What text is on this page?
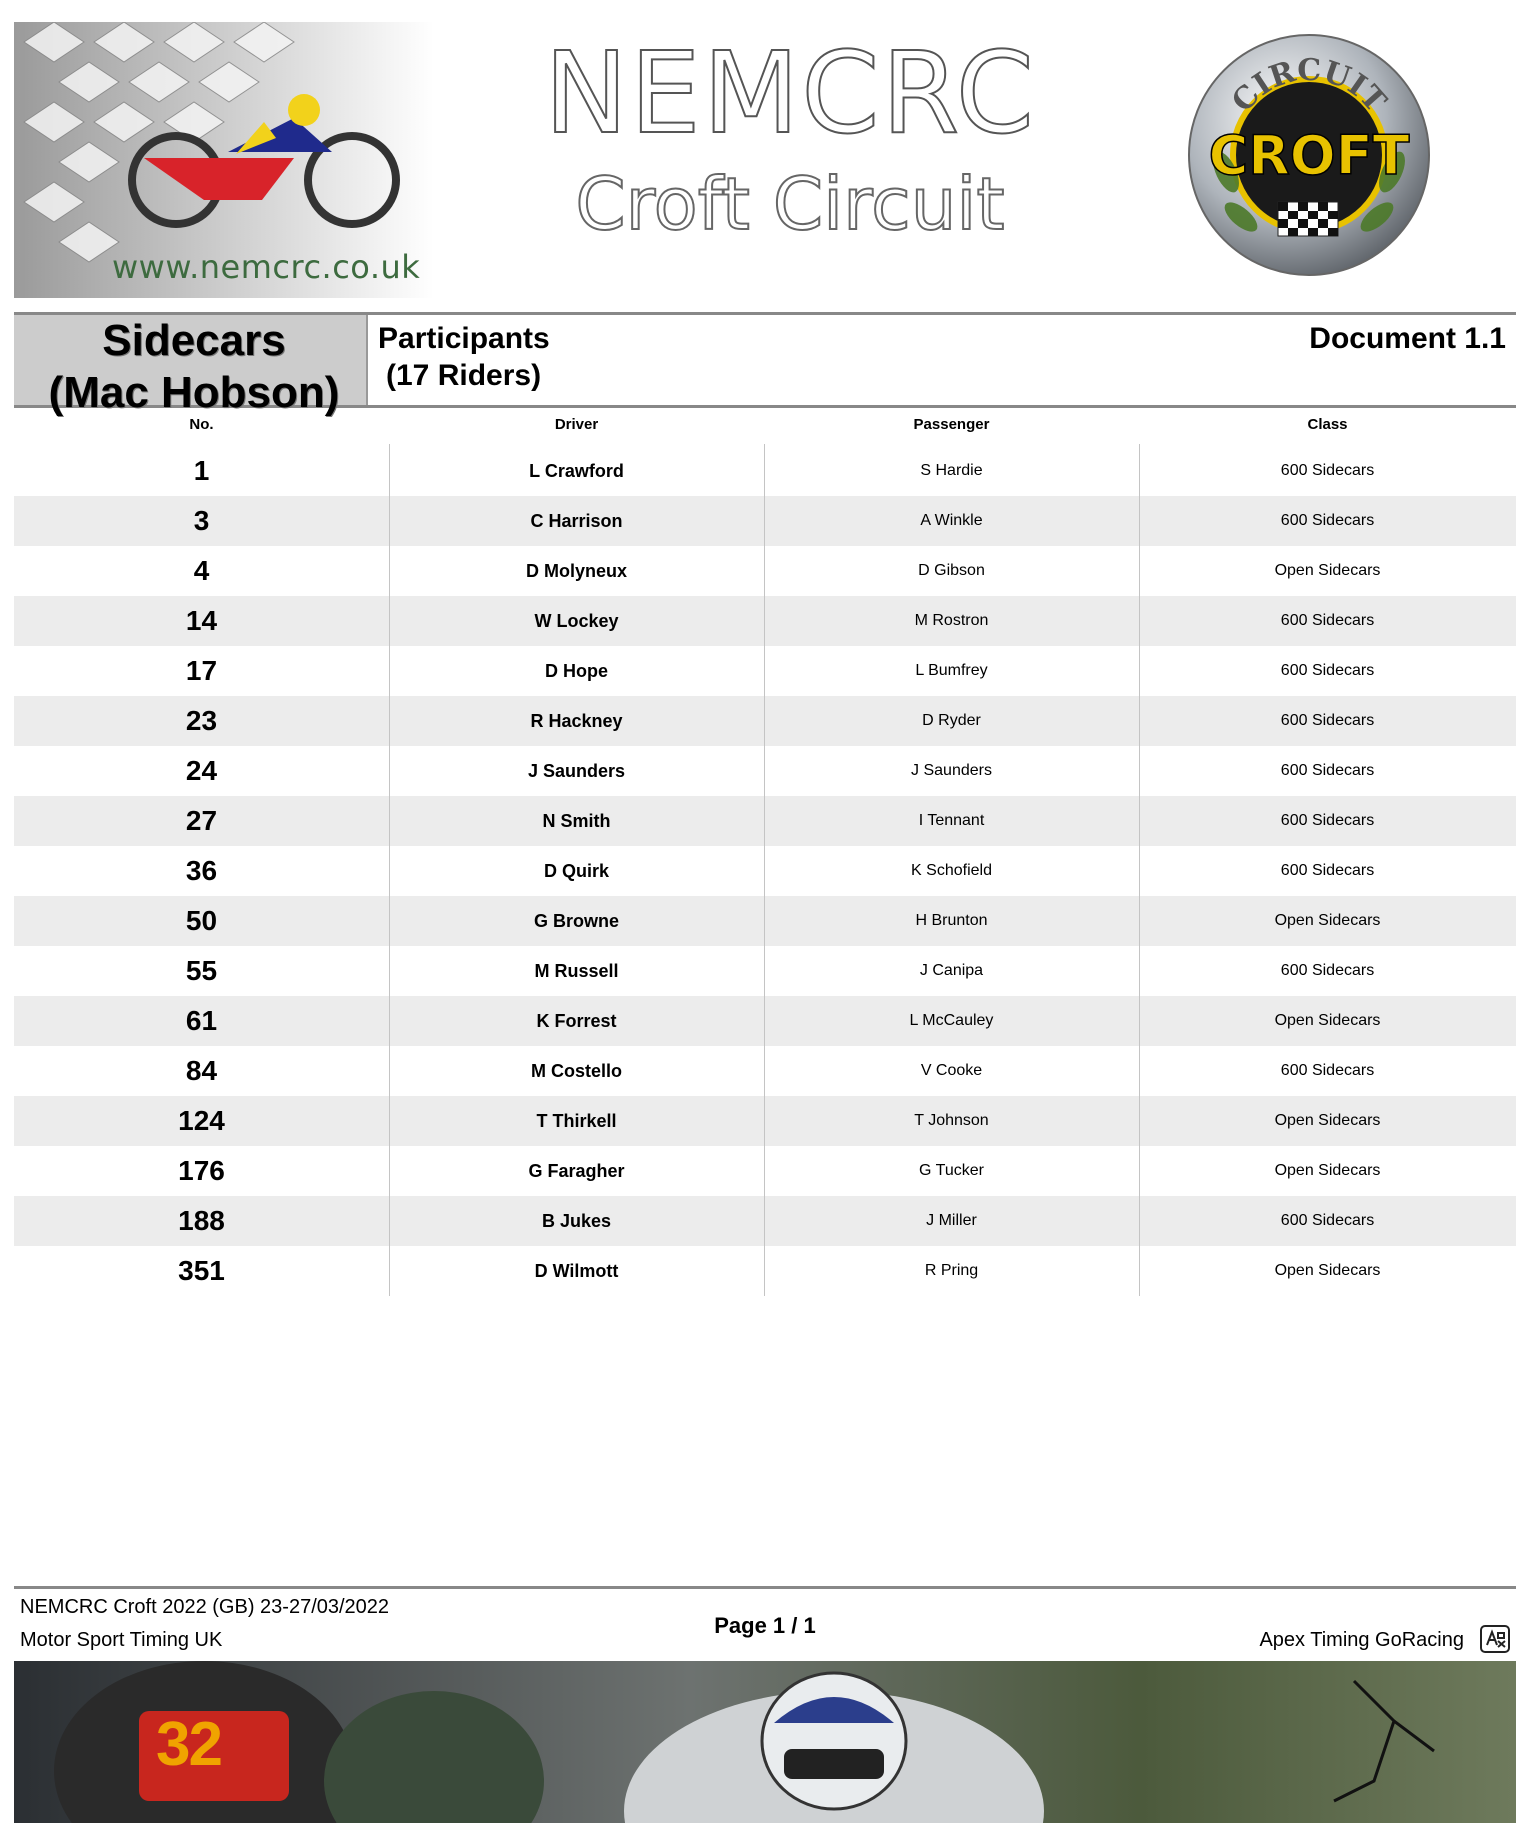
www.nemcrc.co.uk
NEMCRC
Croft Circuit
CIRCUIT
CROFT
Sidecars
(Mac Hobson)
Participants
(17 Riders)
Document 1.1
No.	Driver	Passenger	Class
1	L Crawford	S Hardie	600 Sidecars
3	C Harrison	A Winkle	600 Sidecars
4	D Molyneux	D Gibson	Open Sidecars
14	W Lockey	M Rostron	600 Sidecars
17	D Hope	L Bumfrey	600 Sidecars
23	R Hackney	D Ryder	600 Sidecars
24	J Saunders	J Saunders	600 Sidecars
27	N Smith	I Tennant	600 Sidecars
36	D Quirk	K Schofield	600 Sidecars
50	G Browne	H Brunton	Open Sidecars
55	M Russell	J Canipa	600 Sidecars
61	K Forrest	L McCauley	Open Sidecars
84	M Costello	V Cooke	600 Sidecars
124	T Thirkell	T Johnson	Open Sidecars
176	G Faragher	G Tucker	Open Sidecars
188	B Jukes	J Miller	600 Sidecars
351	D Wilmott	R Pring	Open Sidecars
NEMCRC Croft 2022 (GB) 23-27/03/2022
Motor Sport Timing UK
Page 1 / 1
Apex Timing GoRacing
32
